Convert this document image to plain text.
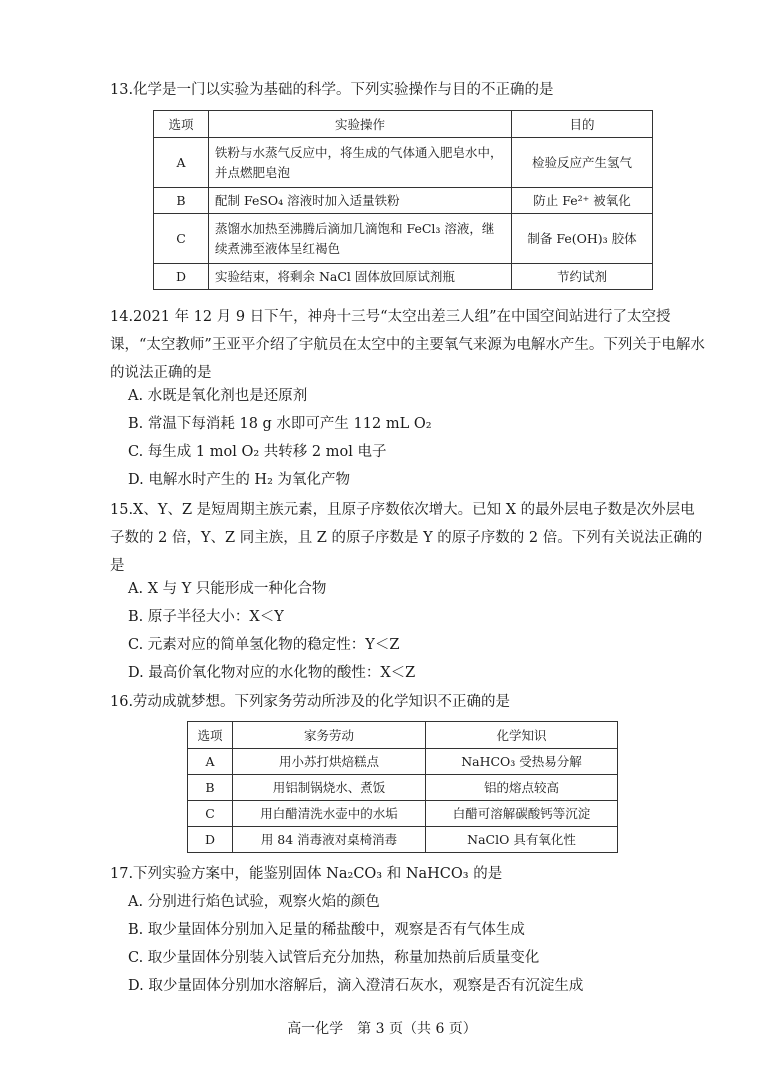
13.化学是一门以实验为基础的科学。下列实验操作与目的不正确的是
选项	实验操作	目的
A	铁粉与水蒸气反应中，将生成的气体通入肥皂水中，并点燃肥皂泡	检验反应产生氢气
B	配制 FeSO₄ 溶液时加入适量铁粉	防止 Fe²⁺ 被氧化
C	蒸馏水加热至沸腾后滴加几滴饱和 FeCl₃ 溶液，继续煮沸至液体呈红褐色	制备 Fe(OH)₃ 胶体
D	实验结束，将剩余 NaCl 固体放回原试剂瓶	节约试剂
14.2021 年 12 月 9 日下午，神舟十三号“太空出差三人组”在中国空间站进行了太空授课，“太空教师”王亚平介绍了宇航员在太空中的主要氧气来源为电解水产生。下列关于电解水的说法正确的是
A. 水既是氧化剂也是还原剂
B. 常温下每消耗 18 g 水即可产生 112 mL O₂
C. 每生成 1 mol O₂ 共转移 2 mol 电子
D. 电解水时产生的 H₂ 为氧化产物
15.X、Y、Z 是短周期主族元素，且原子序数依次增大。已知 X 的最外层电子数是次外层电子数的 2 倍，Y、Z 同主族，且 Z 的原子序数是 Y 的原子序数的 2 倍。下列有关说法正确的是
A. X 与 Y 只能形成一种化合物
B. 原子半径大小：X＜Y
C. 元素对应的简单氢化物的稳定性：Y＜Z
D. 最高价氧化物对应的水化物的酸性：X＜Z
16.劳动成就梦想。下列家务劳动所涉及的化学知识不正确的是
选项	家务劳动	化学知识
A	用小苏打烘焙糕点	NaHCO₃ 受热易分解
B	用铝制锅烧水、煮饭	铝的熔点较高
C	用白醋清洗水壶中的水垢	白醋可溶解碳酸钙等沉淀
D	用 84 消毒液对桌椅消毒	NaClO 具有氧化性
17.下列实验方案中，能鉴别固体 Na₂CO₃ 和 NaHCO₃ 的是
A. 分别进行焰色试验，观察火焰的颜色
B. 取少量固体分别加入足量的稀盐酸中，观察是否有气体生成
C. 取少量固体分别装入试管后充分加热，称量加热前后质量变化
D. 取少量固体分别加水溶解后，滴入澄清石灰水，观察是否有沉淀生成
高一化学　第 3 页（共 6 页）
